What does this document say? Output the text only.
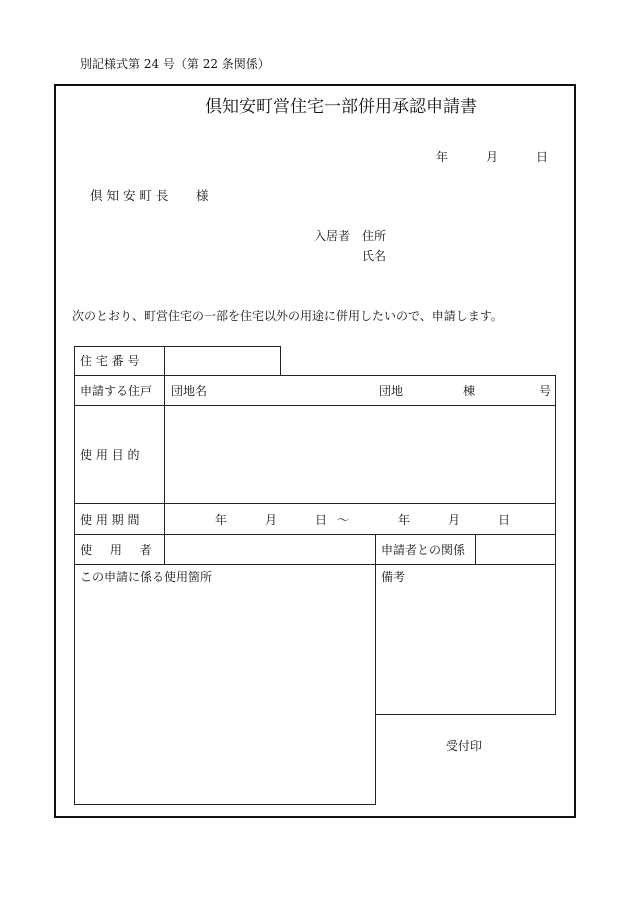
別記様式第 24 号（第 22 条関係）
倶知安町営住宅一部併用承認申請書
年	月	日
倶 知 安 町 長 様
入居者 住所
氏名
次のとおり、町営住宅の一部を住宅以外の用途に併用したいので、申請します。
住 宅 番 号
申請する住戸 団地名	団地	棟	号
使 用 目 的
使 用 期 間	年	月	日 ～	年	月	日
使 用 者	申請者との関係
この申請に係る使用箇所	備考
受付印
